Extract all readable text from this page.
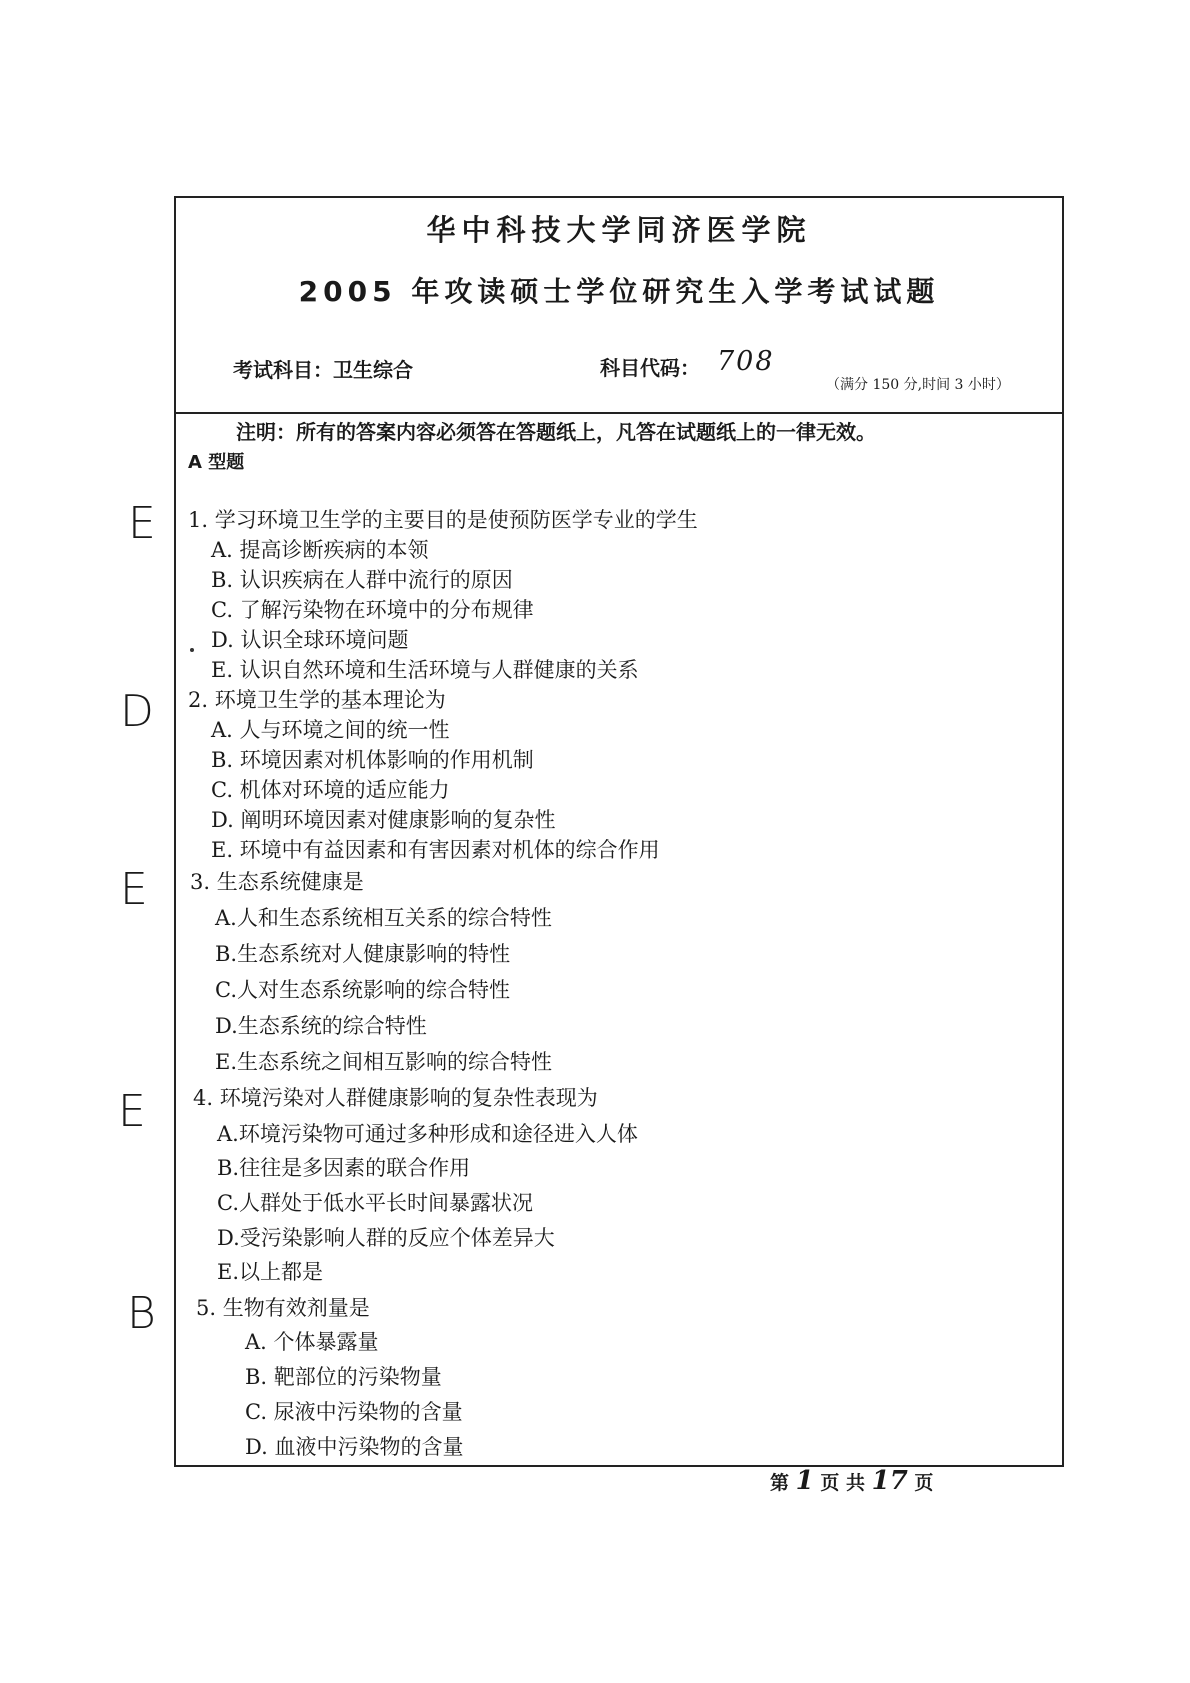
华中科技大学同济医学院
2005 年攻读硕士学位研究生入学考试试题
考试科目：卫生综合	科目代码： 708
（满分 150 分,时间 3 小时）
注明：所有的答案内容必须答在答题纸上，凡答在试题纸上的一律无效。
A 型题
E 1. 学习环境卫生学的主要目的是使预防医学专业的学生
A. 提高诊断疾病的本领
B. 认识疾病在人群中流行的原因
C. 了解污染物在环境中的分布规律
D. 认识全球环境问题
E. 认识自然环境和生活环境与人群健康的关系
D 2. 环境卫生学的基本理论为
A. 人与环境之间的统一性
B. 环境因素对机体影响的作用机制
C. 机体对环境的适应能力
D. 阐明环境因素对健康影响的复杂性
E. 环境中有益因素和有害因素对机体的综合作用
E 3. 生态系统健康是
A.人和生态系统相互关系的综合特性
B.生态系统对人健康影响的特性
C.人对生态系统影响的综合特性
D.生态系统的综合特性
E.生态系统之间相互影响的综合特性
E 4. 环境污染对人群健康影响的复杂性表现为
A.环境污染物可通过多种形成和途径进入人体
B.往往是多因素的联合作用
C.人群处于低水平长时间暴露状况
D.受污染影响人群的反应个体差异大
E.以上都是
B 5. 生物有效剂量是
A. 个体暴露量
B. 靶部位的污染物量
C. 尿液中污染物的含量
D. 血液中污染物的含量
第 1 页 共 17 页
